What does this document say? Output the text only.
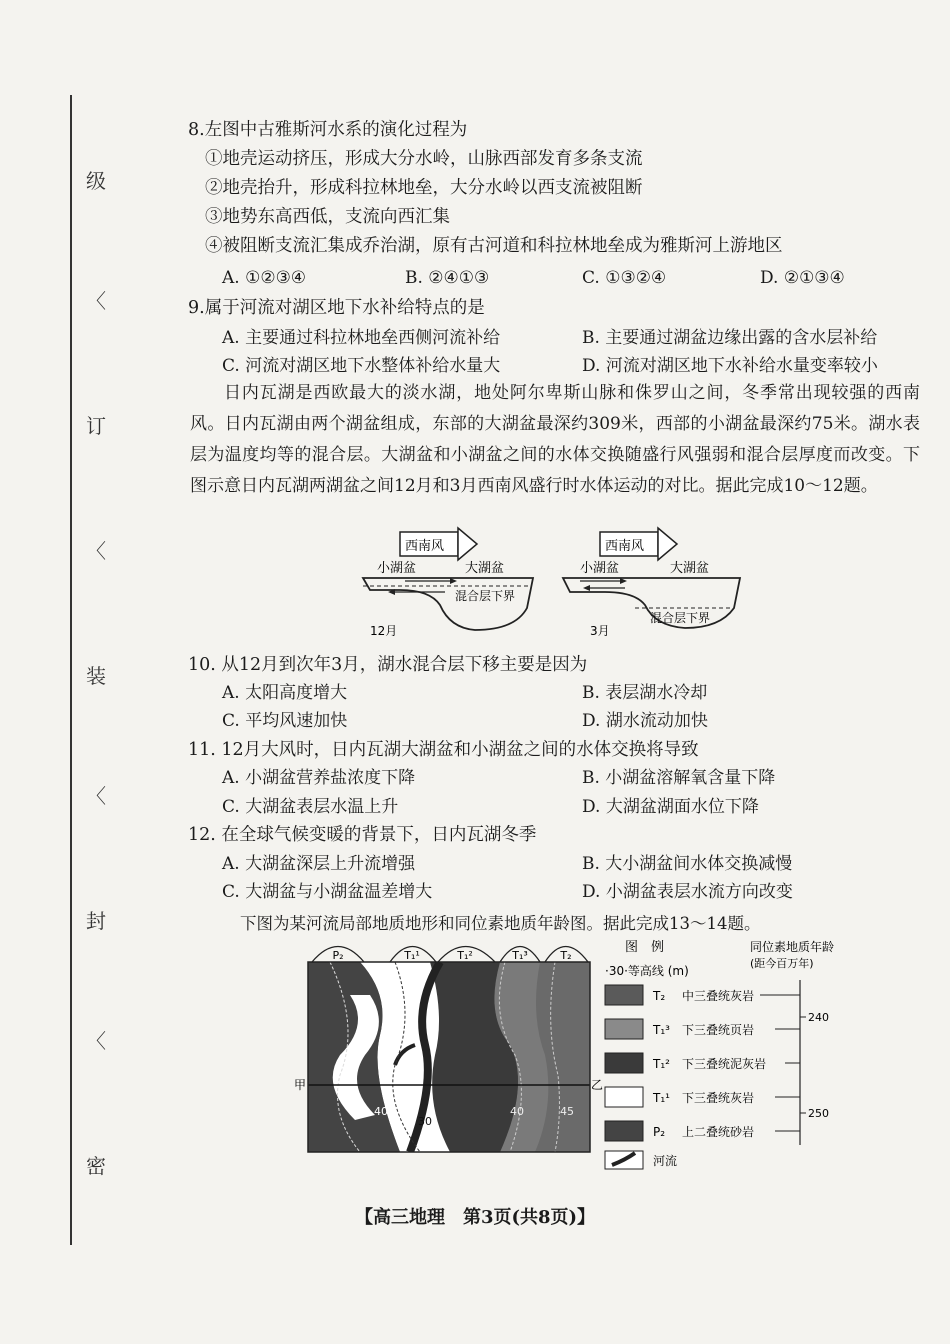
级
〈
订
〈
装
〈
封
〈
密
8.左图中古雅斯河水系的演化过程为
①地壳运动挤压，形成大分水岭，山脉西部发育多条支流
②地壳抬升，形成科拉林地垒，大分水岭以西支流被阻断
③地势东高西低，支流向西汇集
④被阻断支流汇集成乔治湖，原有古河道和科拉林地垒成为雅斯河上游地区
A. ①②③④	B. ②④①③	C. ①③②④	D. ②①③④
9.属于河流对湖区地下水补给特点的是
A. 主要通过科拉林地垒西侧河流补给	B. 主要通过湖盆边缘出露的含水层补给
C. 河流对湖区地下水整体补给水量大	D. 河流对湖区地下水补给水量变率较小
日内瓦湖是西欧最大的淡水湖，地处阿尔卑斯山脉和侏罗山之间，冬季常出现较强的西南风。日内瓦湖由两个湖盆组成，东部的大湖盆最深约309米，西部的小湖盆最深约75米。湖水表层为温度均等的混合层。大湖盆和小湖盆之间的水体交换随盛行风强弱和混合层厚度而改变。下图示意日内瓦湖两湖盆之间12月和3月西南风盛行时水体运动的对比。据此完成10～12题。
西南风
小湖盆	大湖盆
混合层下界
12月
西南风
小湖盆	大湖盆
混合层下界
3月
10. 从12月到次年3月，湖水混合层下移主要是因为
A. 太阳高度增大	B. 表层湖水冷却
C. 平均风速加快	D. 湖水流动加快
11. 12月大风时，日内瓦湖大湖盆和小湖盆之间的水体交换将导致
A. 小湖盆营养盐浓度下降	B. 小湖盆溶解氧含量下降
C. 大湖盆表层水温上升	D. 大湖盆湖面水位下降
12. 在全球气候变暖的背景下，日内瓦湖冬季
A. 大湖盆深层上升流增强	B. 大小湖盆间水体交换减慢
C. 大湖盆与小湖盆温差增大	D. 小湖盆表层水流方向改变
下图为某河流局部地质地形和同位素地质年龄图。据此完成13～14题。
P₂	T₁¹	T₁²	T₁³	T₂
甲	乙
40
30
40	45
图　例	同位素地质年龄
(距今百万年)
·30·等高线 (m)
T₂ 中三叠统灰岩
T₁³ 下三叠统页岩
T₁² 下三叠统泥灰岩
T₁¹ 下三叠统灰岩
P₂ 上二叠统砂岩
河流
240
250
【高三地理　第3页(共8页)】
